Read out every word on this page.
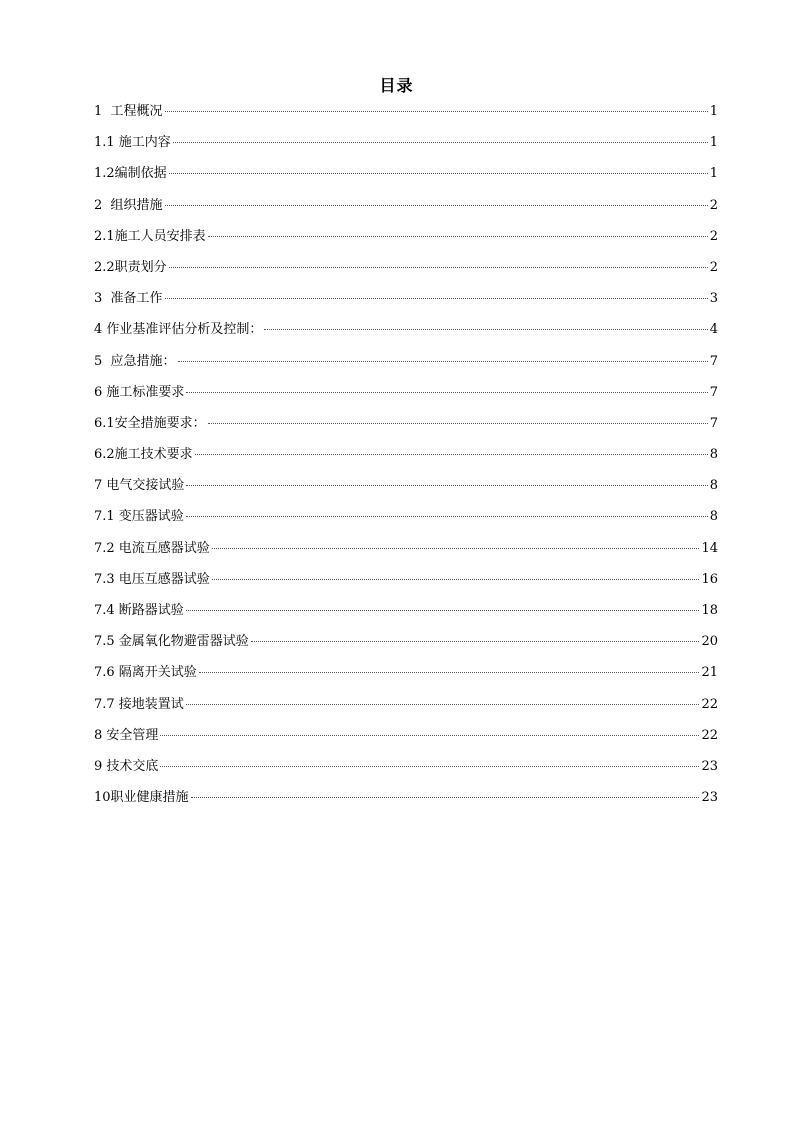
目录
1  工程概况	1
1.1 施工内容	1
1.2编制依据	1
2  组织措施	2
2.1施工人员安排表	2
2.2职责划分	2
3  准备工作	3
4 作业基准评估分析及控制：	4
5  应急措施：	7
6 施工标准要求	7
6.1安全措施要求：	7
6.2施工技术要求	8
7 电气交接试验	8
7.1 变压器试验	8
7.2 电流互感器试验	14
7.3 电压互感器试验	16
7.4 断路器试验	18
7.5 金属氧化物避雷器试验	20
7.6 隔离开关试验	21
7.7 接地装置试	22
8 安全管理	22
9 技术交底	23
10职业健康措施	23
